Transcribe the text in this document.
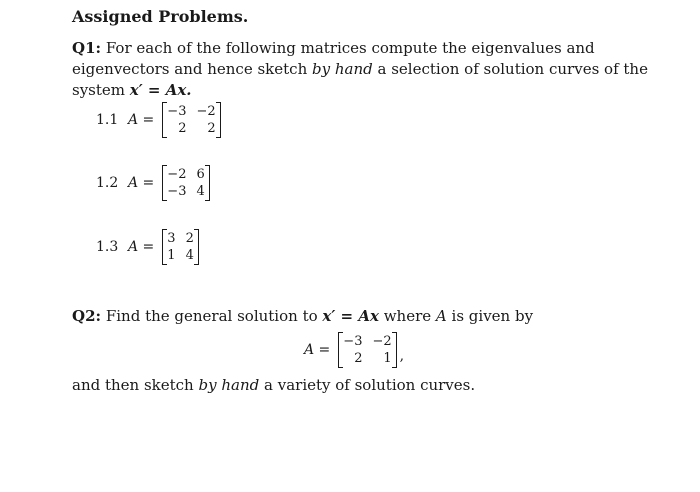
Assigned Problems.
Q1: For each of the following matrices compute the eigenvalues and eigenvectors and hence sketch by hand a selection of solution curves of the system x′ = Ax.
1.1 A =
−3 −2
2	2
1.2 A =
−2 6
−3 4
1.3 A =
3 2
1 4
Q2: Find the general solution to x′ = Ax where A is given by
A =
−3 −2
2	1 ,
and then sketch by hand a variety of solution curves.
